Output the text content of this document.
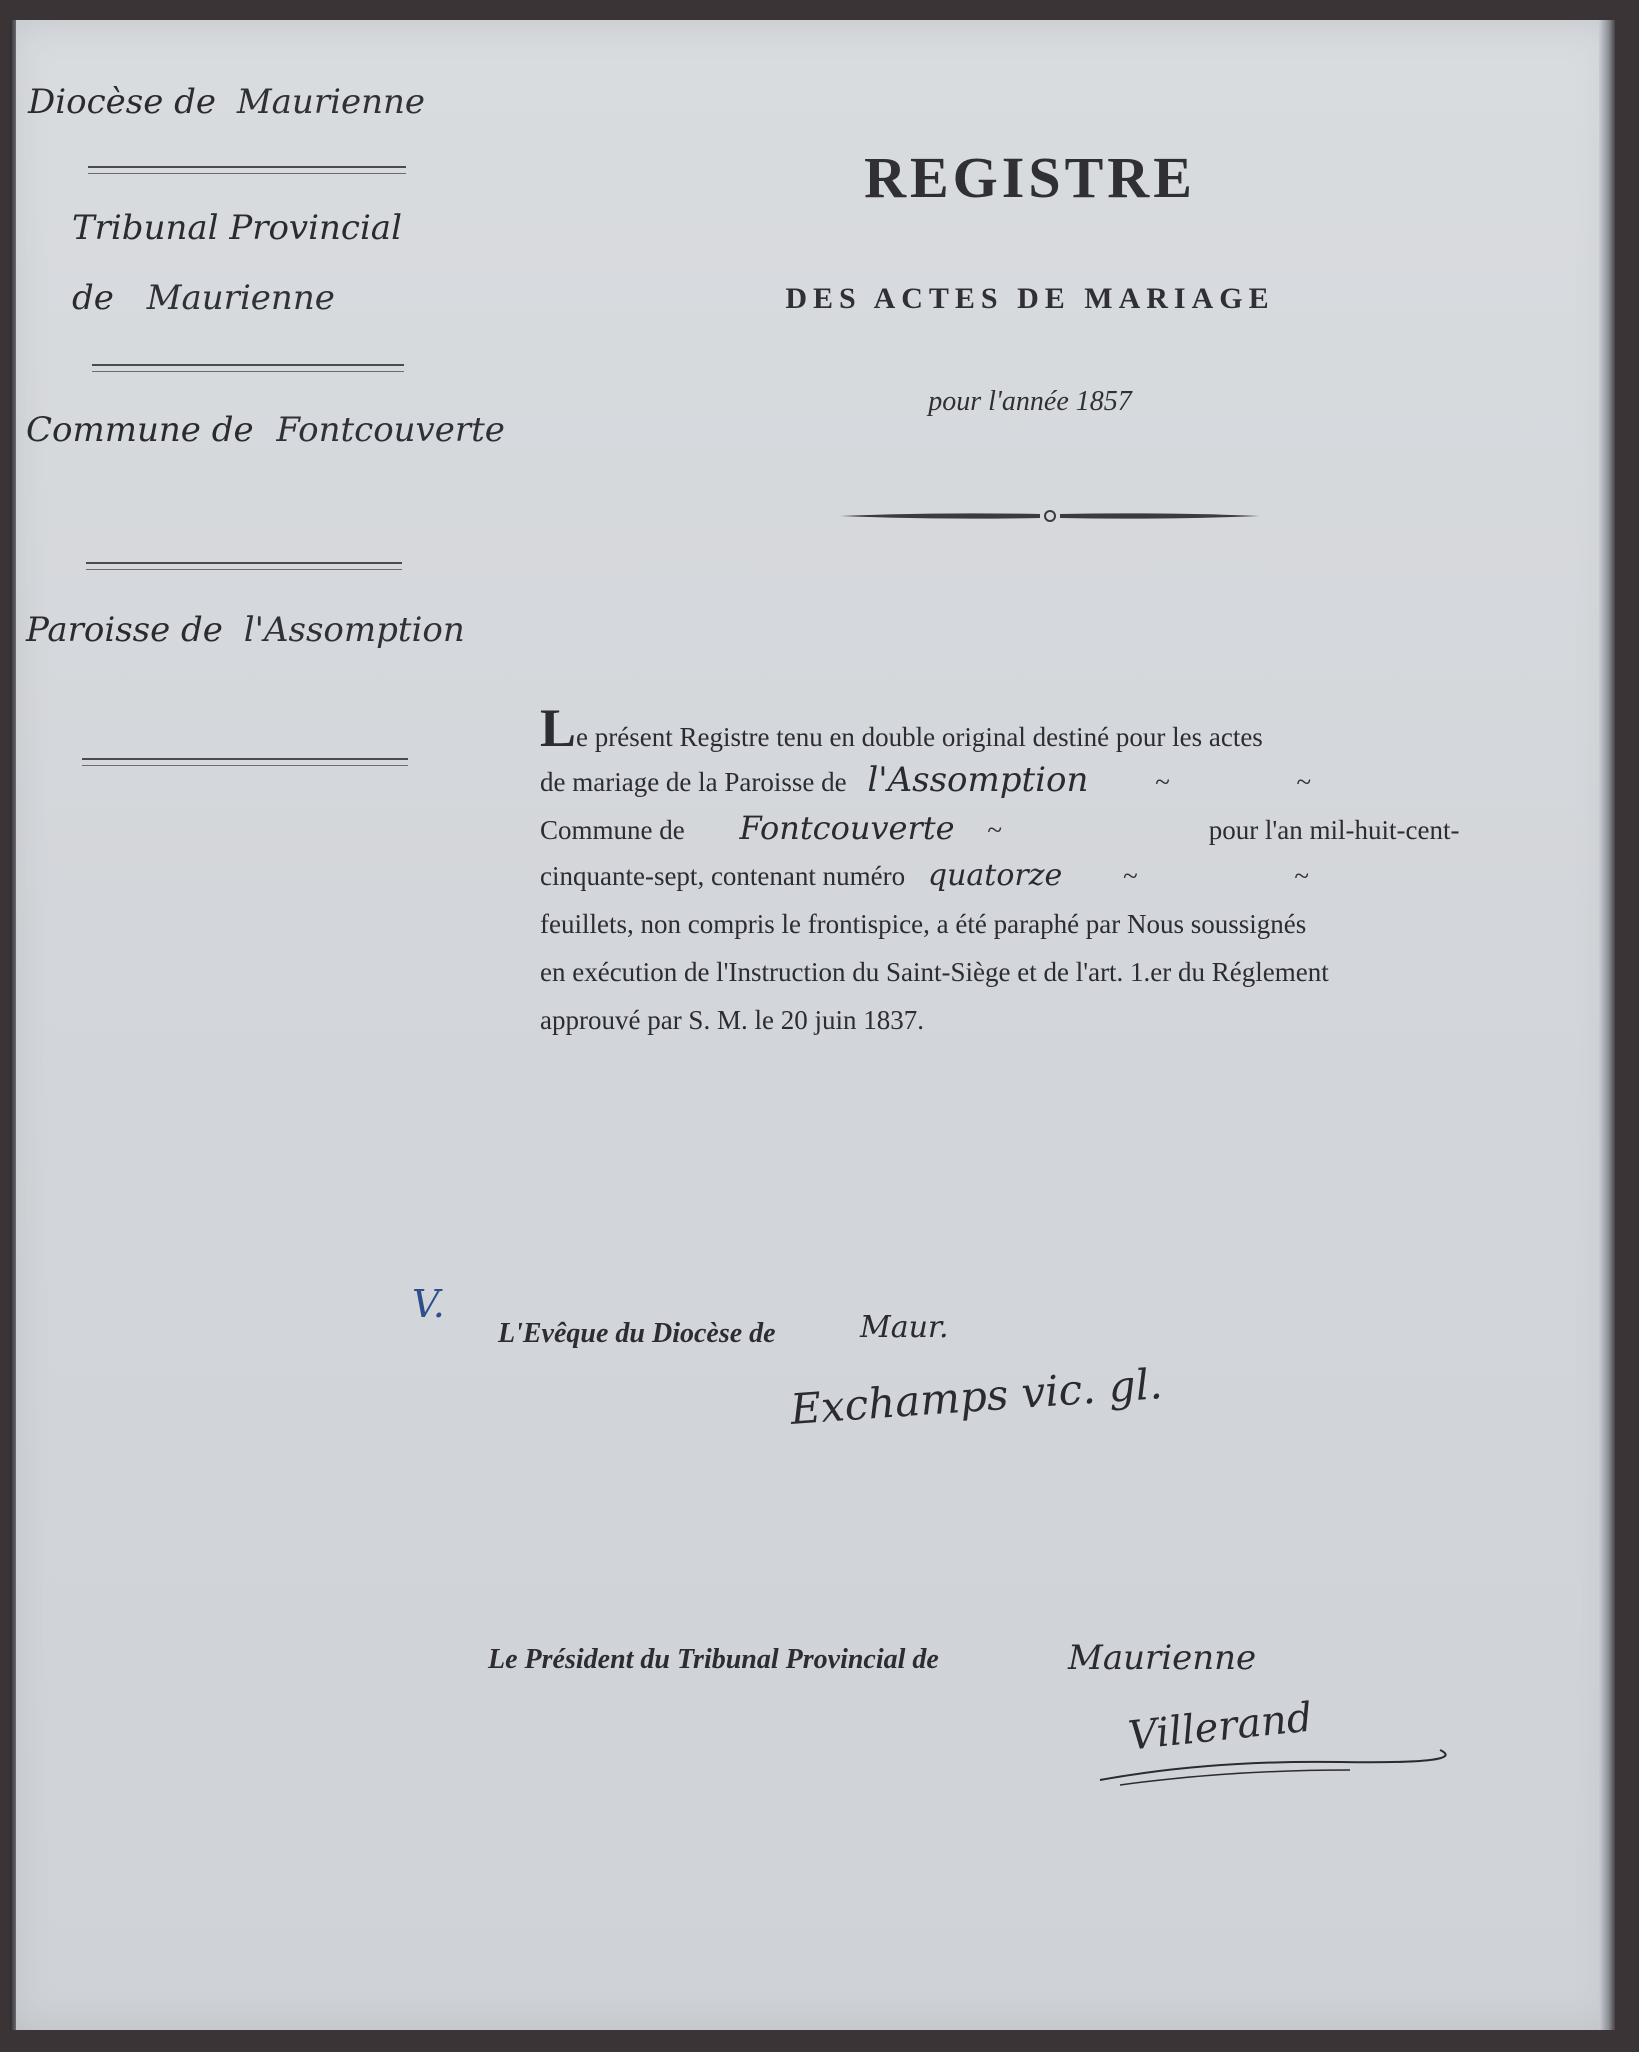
Diocèse de Maurienne
Tribunal Provincial
de Maurienne
Commune de Fontcouverte
Paroisse de l'Assomption
REGISTRE
DES ACTES DE MARIAGE
pour l'année 1857
Le présent Registre tenu en double original destiné pour les actes
de mariage de la Paroisse de l'Assomption ~	~
Commune de Fontcouverte ~	pour l'an mil-huit-cent-
cinquante-sept, contenant numéro quatorze ~	~
feuillets, non compris le frontispice, a été paraphé par Nous soussignés
en exécution de l'Instruction du Saint-Siège et de l'art. 1.er du Réglement
approuvé par S. M. le 20 juin 1837.
V.
L'Evêque du Diocèse de	Maur.
Exchamps vic. gl.
Le Président du Tribunal Provincial de	Maurienne
Villerand
